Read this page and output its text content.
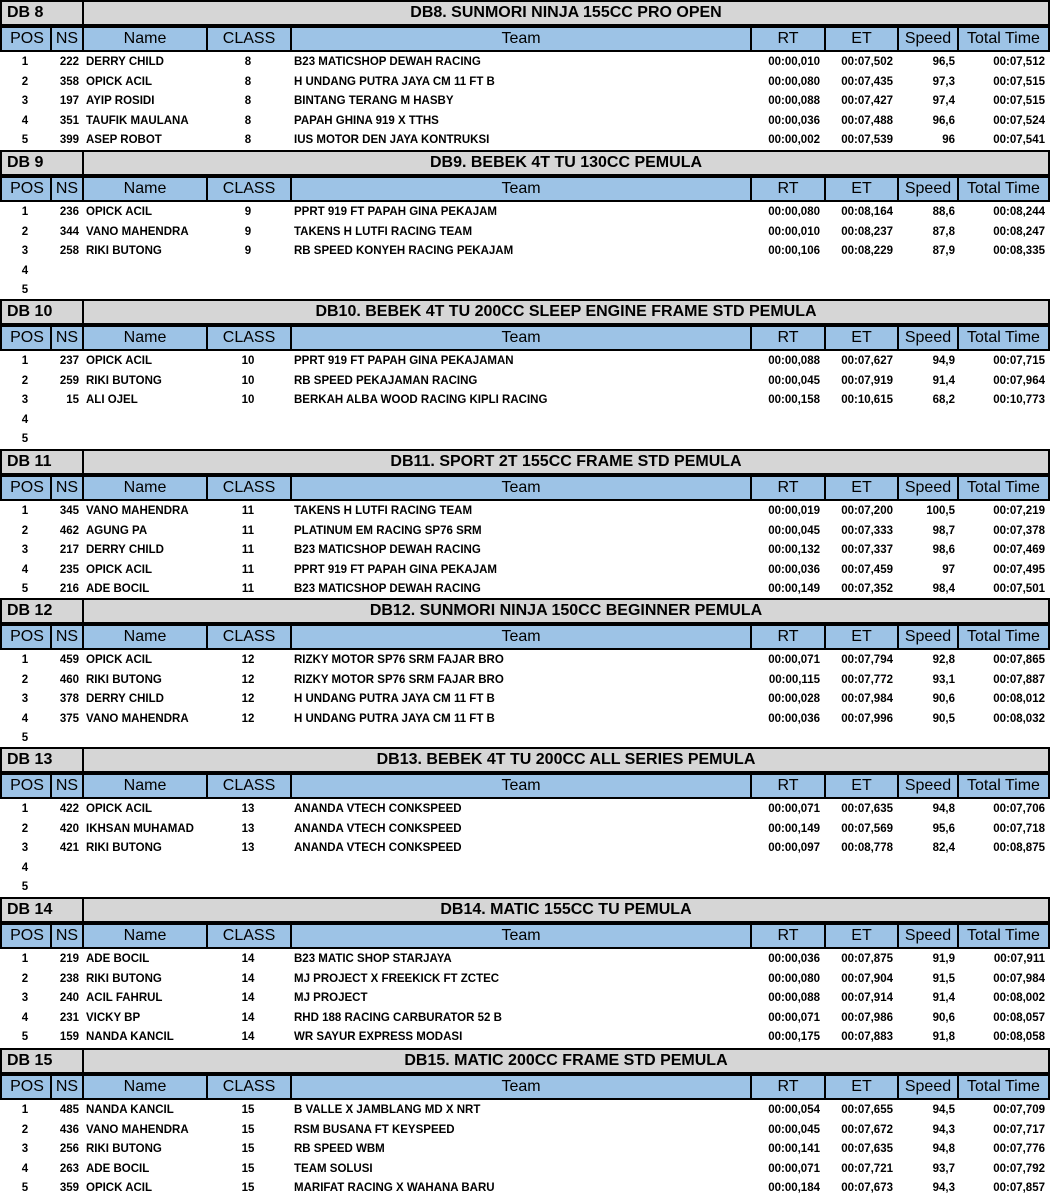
DB 8	DB8. SUNMORI NINJA 155CC PRO OPEN
POS NS	Name	CLASS	Team	RT	ET	Speed Total Time
1	222 DERRY CHILD	8	B23 MATICSHOP DEWAH RACING	00:00,010	00:07,502	96,5	00:07,512
2	358 OPICK ACIL	8	H UNDANG PUTRA JAYA CM 11 FT B	00:00,080	00:07,435	97,3	00:07,515
3	197 AYIP ROSIDI	8	BINTANG TERANG M HASBY	00:00,088	00:07,427	97,4	00:07,515
4	351 TAUFIK MAULANA	8	PAPAH GHINA 919 X TTHS	00:00,036	00:07,488	96,6	00:07,524
5	399 ASEP ROBOT	8	IUS MOTOR DEN JAYA KONTRUKSI	00:00,002	00:07,539	96	00:07,541
DB 9	DB9. BEBEK 4T TU 130CC PEMULA
POS NS	Name	CLASS	Team	RT	ET	Speed Total Time
1	236 OPICK ACIL	9	PPRT 919 FT PAPAH GINA PEKAJAM	00:00,080	00:08,164	88,6	00:08,244
2	344 VANO MAHENDRA	9	TAKENS H LUTFI RACING TEAM	00:00,010	00:08,237	87,8	00:08,247
3	258 RIKI BUTONG	9	RB SPEED KONYEH RACING PEKAJAM	00:00,106	00:08,229	87,9	00:08,335
4
5
DB 10	DB10. BEBEK 4T TU 200CC SLEEP ENGINE FRAME STD PEMULA
POS NS	Name	CLASS	Team	RT	ET	Speed Total Time
1	237 OPICK ACIL	10	PPRT 919 FT PAPAH GINA PEKAJAMAN	00:00,088	00:07,627	94,9	00:07,715
2	259 RIKI BUTONG	10	RB SPEED PEKAJAMAN RACING	00:00,045	00:07,919	91,4	00:07,964
3	15 ALI OJEL	10	BERKAH ALBA WOOD RACING KIPLI RACING	00:00,158	00:10,615	68,2	00:10,773
4
5
DB 11	DB11. SPORT 2T 155CC FRAME STD PEMULA
POS NS	Name	CLASS	Team	RT	ET	Speed Total Time
1	345 VANO MAHENDRA	11	TAKENS H LUTFI RACING TEAM	00:00,019	00:07,200	100,5	00:07,219
2	462 AGUNG PA	11	PLATINUM EM RACING SP76 SRM	00:00,045	00:07,333	98,7	00:07,378
3	217 DERRY CHILD	11	B23 MATICSHOP DEWAH RACING	00:00,132	00:07,337	98,6	00:07,469
4	235 OPICK ACIL	11	PPRT 919 FT PAPAH GINA PEKAJAM	00:00,036	00:07,459	97	00:07,495
5	216 ADE BOCIL	11	B23 MATICSHOP DEWAH RACING	00:00,149	00:07,352	98,4	00:07,501
DB 12	DB12. SUNMORI NINJA 150CC BEGINNER PEMULA
POS NS	Name	CLASS	Team	RT	ET	Speed Total Time
1	459 OPICK ACIL	12	RIZKY MOTOR SP76 SRM FAJAR BRO	00:00,071	00:07,794	92,8	00:07,865
2	460 RIKI BUTONG	12	RIZKY MOTOR SP76 SRM FAJAR BRO	00:00,115	00:07,772	93,1	00:07,887
3	378 DERRY CHILD	12	H UNDANG PUTRA JAYA CM 11 FT B	00:00,028	00:07,984	90,6	00:08,012
4	375 VANO MAHENDRA	12	H UNDANG PUTRA JAYA CM 11 FT B	00:00,036	00:07,996	90,5	00:08,032
5
DB 13	DB13. BEBEK 4T TU 200CC ALL SERIES PEMULA
POS NS	Name	CLASS	Team	RT	ET	Speed Total Time
1	422 OPICK ACIL	13	ANANDA VTECH CONKSPEED	00:00,071	00:07,635	94,8	00:07,706
2	420 IKHSAN MUHAMAD	13	ANANDA VTECH CONKSPEED	00:00,149	00:07,569	95,6	00:07,718
3	421 RIKI BUTONG	13	ANANDA VTECH CONKSPEED	00:00,097	00:08,778	82,4	00:08,875
4
5
DB 14	DB14. MATIC 155CC TU PEMULA
POS NS	Name	CLASS	Team	RT	ET	Speed Total Time
1	219 ADE BOCIL	14	B23 MATIC SHOP STARJAYA	00:00,036	00:07,875	91,9	00:07,911
2	238 RIKI BUTONG	14	MJ PROJECT X FREEKICK FT ZCTEC	00:00,080	00:07,904	91,5	00:07,984
3	240 ACIL FAHRUL	14	MJ PROJECT	00:00,088	00:07,914	91,4	00:08,002
4	231 VICKY BP	14	RHD 188 RACING CARBURATOR 52 B	00:00,071	00:07,986	90,6	00:08,057
5	159 NANDA KANCIL	14	WR SAYUR EXPRESS MODASI	00:00,175	00:07,883	91,8	00:08,058
DB 15	DB15. MATIC 200CC FRAME STD PEMULA
POS NS	Name	CLASS	Team	RT	ET	Speed Total Time
1	485 NANDA KANCIL	15	B VALLE X JAMBLANG MD X NRT	00:00,054	00:07,655	94,5	00:07,709
2	436 VANO MAHENDRA	15	RSM BUSANA FT KEYSPEED	00:00,045	00:07,672	94,3	00:07,717
3	256 RIKI BUTONG	15	RB SPEED WBM	00:00,141	00:07,635	94,8	00:07,776
4	263 ADE BOCIL	15	TEAM SOLUSI	00:00,071	00:07,721	93,7	00:07,792
5	359 OPICK ACIL	15	MARIFAT RACING X WAHANA BARU	00:00,184	00:07,673	94,3	00:07,857
